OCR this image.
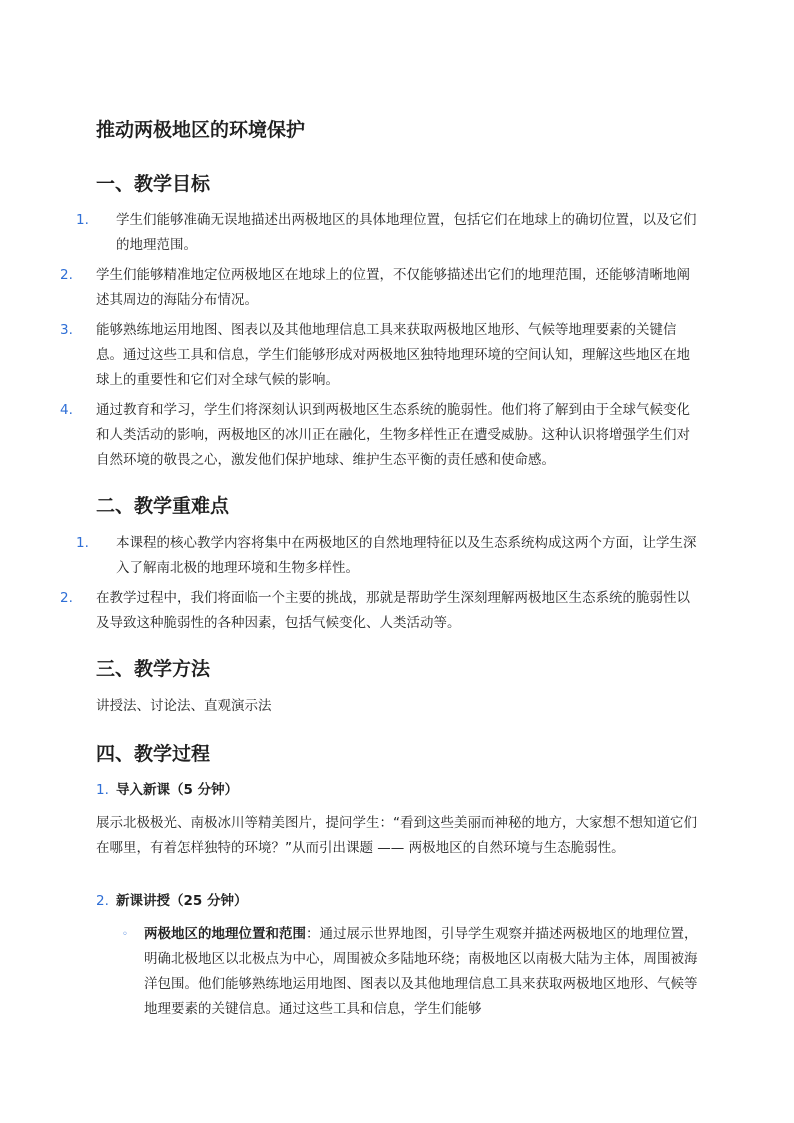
推动两极地区的环境保护
一、教学目标
1. 学生们能够准确无误地描述出两极地区的具体地理位置，包括它们在地球上的确切位置，以及它们的地理范围。
2. 学生们能够精准地定位两极地区在地球上的位置，不仅能够描述出它们的地理范围，还能够清晰地阐述其周边的海陆分布情况。
3. 能够熟练地运用地图、图表以及其他地理信息工具来获取两极地区地形、气候等地理要素的关键信息。通过这些工具和信息，学生们能够形成对两极地区独特地理环境的空间认知，理解这些地区在地球上的重要性和它们对全球气候的影响。
4. 通过教育和学习，学生们将深刻认识到两极地区生态系统的脆弱性。他们将了解到由于全球气候变化和人类活动的影响，两极地区的冰川正在融化，生物多样性正在遭受威胁。这种认识将增强学生们对自然环境的敬畏之心，激发他们保护地球、维护生态平衡的责任感和使命感。
二、教学重难点
1. 本课程的核心教学内容将集中在两极地区的自然地理特征以及生态系统构成这两个方面，让学生深入了解南北极的地理环境和生物多样性。
2. 在教学过程中，我们将面临一个主要的挑战，那就是帮助学生深刻理解两极地区生态系统的脆弱性以及导致这种脆弱性的各种因素，包括气候变化、人类活动等。
三、教学方法

讲授法、讨论法、直观演示法

四、教学过程
1. 导入新课（5 分钟）

展示北极极光、南极冰川等精美图片，提问学生：“看到这些美丽而神秘的地方，大家想不想知道它们在哪里，有着怎样独特的环境？”从而引出课题 —— 两极地区的自然环境与生态脆弱性。

2. 新课讲授（25 分钟）
◦ 两极地区的地理位置和范围：通过展示世界地图，引导学生观察并描述两极地区的地理位置，明确北极地区以北极点为中心，周围被众多陆地环绕；南极地区以南极大陆为主体，周围被海洋包围。他们能够熟练地运用地图、图表以及其他地理信息工具来获取两极地区地形、气候等地理要素的关键信息。通过这些工具和信息，学生们能够
